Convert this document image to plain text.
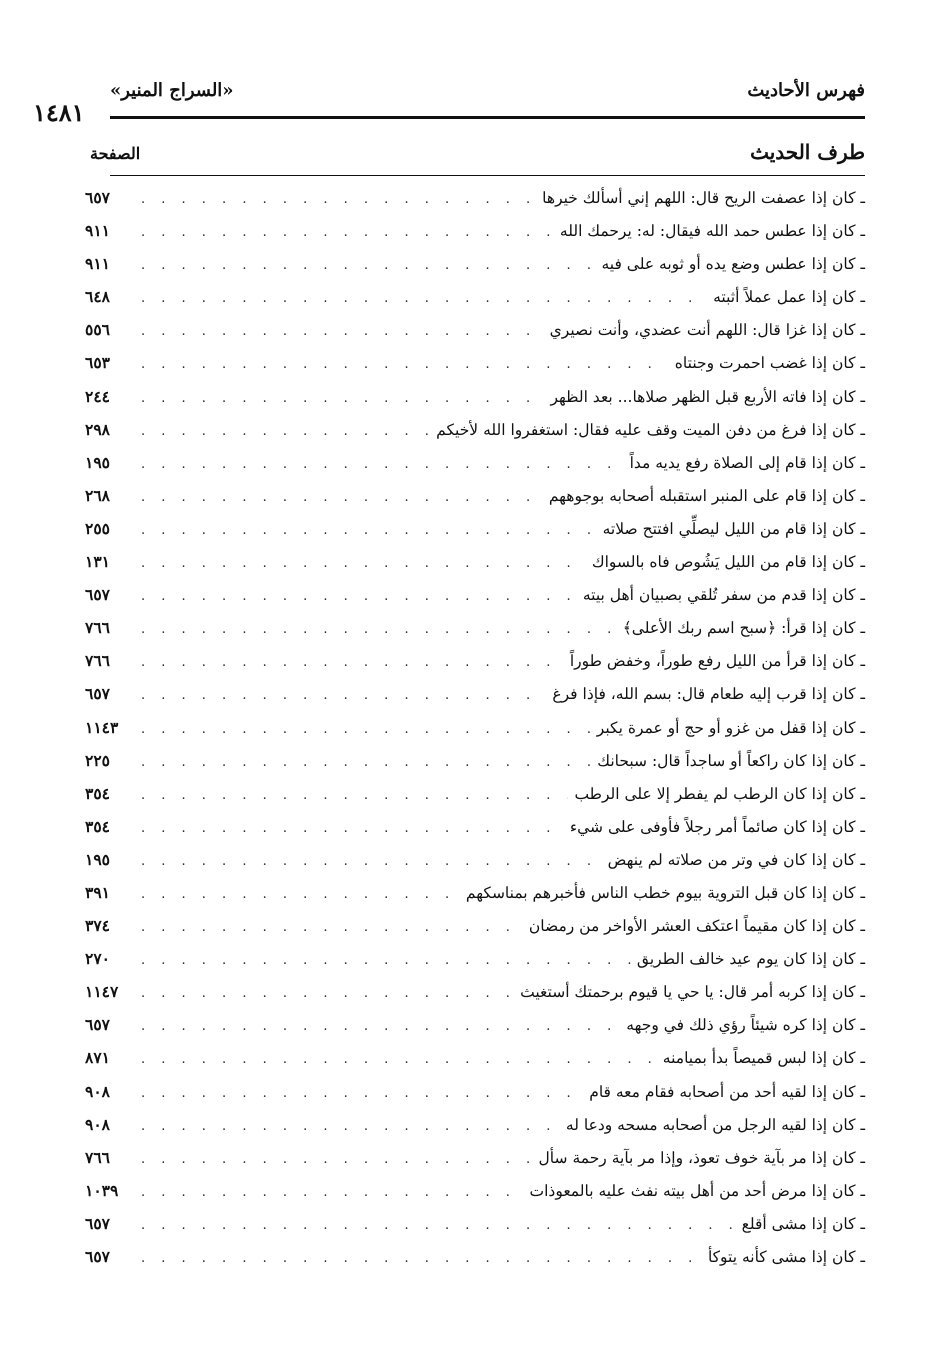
فهرس الأحاديث
«السراج المنير»
١٤٨١
طرف الحديث
الصفحة
ـ كان إذا عصفت الريح قال: اللهم إني أسألك خيرها
. . .
٦٥٧
ـ كان إذا عطس حمد الله فيقال: له: يرحمك الله
. . .
٩١١
ـ كان إذا عطس وضع يده أو ثوبه على فيه
. . .
٩١١
ـ كان إذا عمل عملاً أثبته
. . .
٦٤٨
ـ كان إذا غزا قال: اللهم أنت عضدي، وأنت نصيري
. . .
٥٥٦
ـ كان إذا غضب احمرت وجنتاه
. . .
٦٥٣
ـ كان إذا فاته الأربع قبل الظهر صلاها... بعد الظهر
. . .
٢٤٤
ـ كان إذا فرغ من دفن الميت وقف عليه فقال: استغفروا الله لأخيكم
. . .
٢٩٨
ـ كان إذا قام إلى الصلاة رفع يديه مداً
. . .
١٩٥
ـ كان إذا قام على المنبر استقبله أصحابه بوجوههم
. . .
٢٦٨
ـ كان إذا قام من الليل ليصلِّي افتتح صلاته
. . .
٢٥٥
ـ كان إذا قام من الليل يَشُوص فاه بالسواك
. . .
١٣١
ـ كان إذا قدم من سفر تُلقي بصبيان أهل بيته
. . .
٦٥٧
ـ كان إذا قرأ: ﴿سبح اسم ربك الأعلى﴾
. . .
٧٦٦
ـ كان إذا قرأ من الليل رفع طوراً، وخفض طوراً
. . .
٧٦٦
ـ كان إذا قرب إليه طعام قال: بسم الله، فإذا فرغ
. . .
٦٥٧
ـ كان إذا قفل من غزو أو حج أو عمرة يكبر
. . .
١١٤٣
ـ كان إذا كان راكعاً أو ساجداً قال: سبحانك
. . .
٢٢٥
ـ كان إذا كان الرطب لم يفطر إلا على الرطب
. . .
٣٥٤
ـ كان إذا كان صائماً أمر رجلاً فأوفى على شيء
. . .
٣٥٤
ـ كان إذا كان في وتر من صلاته لم ينهض
. . .
١٩٥
ـ كان إذا كان قبل التروية بيوم خطب الناس فأخبرهم بمناسكهم
. . .
٣٩١
ـ كان إذا كان مقيماً اعتكف العشر الأواخر من رمضان
. . .
٣٧٤
ـ كان إذا كان يوم عيد خالف الطريق
. . .
٢٧٠
ـ كان إذا كربه أمر قال: يا حي يا قيوم برحمتك أستغيث
. . .
١١٤٧
ـ كان إذا كره شيئاً رؤي ذلك في وجهه
. . .
٦٥٧
ـ كان إذا لبس قميصاً بدأ بميامنه
. . .
٨٧١
ـ كان إذا لقيه أحد من أصحابه فقام معه قام
. . .
٩٠٨
ـ كان إذا لقيه الرجل من أصحابه مسحه ودعا له
. . .
٩٠٨
ـ كان إذا مر بآية خوف تعوذ، وإذا مر بآية رحمة سأل
. . .
٧٦٦
ـ كان إذا مرض أحد من أهل بيته نفث عليه بالمعوذات
. . .
١٠٣٩
ـ كان إذا مشى أقلع
. . .
٦٥٧
ـ كان إذا مشى كأنه يتوكأ
. . .
٦٥٧
